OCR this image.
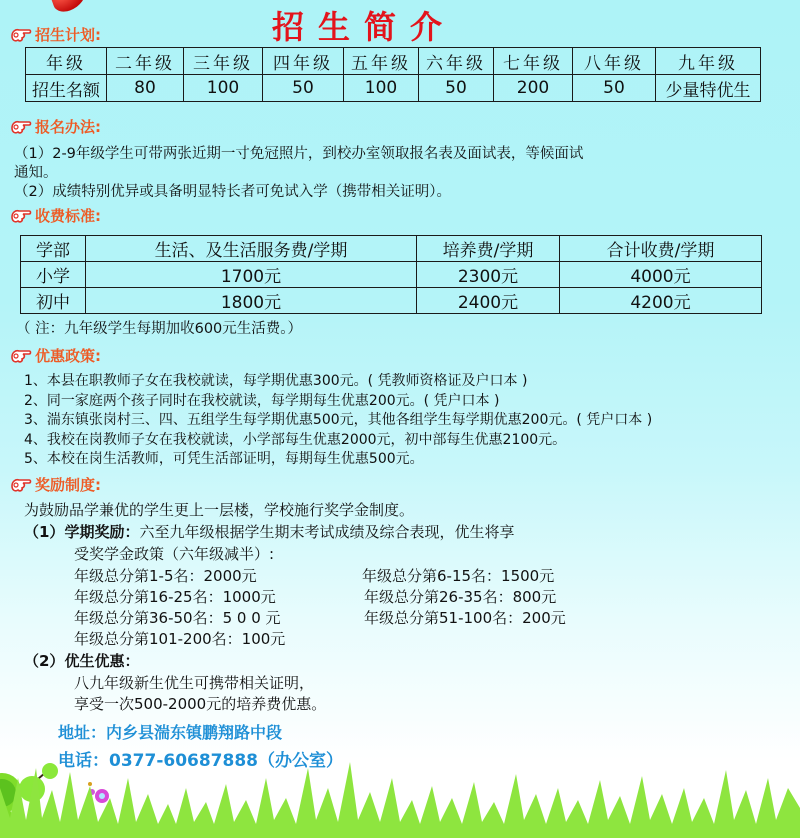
招生简介
招生计划:
年级	二年级	三年级	四年级	五年级	六年级	七年级	八年级	九年级
招生名额	80	100	50	100	50	200	50	少量特优生
报名办法:
（1）2-9年级学生可带两张近期一寸免冠照片，到校办室领取报名表及面试表，等候面试
通知。
（2）成绩特别优异或具备明显特长者可免试入学（携带相关证明）。
收费标准:
学部	生活、及生活服务费/学期	培养费/学期	合计收费/学期
小学	1700元	2300元	4000元
初中	1800元	2400元	4200元
（ 注：九年级学生每期加收600元生活费。）
优惠政策:
1、本县在职教师子女在我校就读，每学期优惠300元。( 凭教师资格证及户口本 )
2、同一家庭两个孩子同时在我校就读，每学期每生优惠200元。( 凭户口本 )
3、湍东镇张岗村三、四、五组学生每学期优惠500元，其他各组学生每学期优惠200元。( 凭户口本 )
4、我校在岗教师子女在我校就读，小学部每生优惠2000元，初中部每生优惠2100元。
5、本校在岗生活教师，可凭生活部证明，每期每生优惠500元。
奖励制度:
为鼓励品学兼优的学生更上一层楼，学校施行奖学金制度。
（1）学期奖励：六至九年级根据学生期末考试成绩及综合表现，优生将享
受奖学金政策（六年级减半）:
年级总分第1-5名：2000元	年级总分第6-15名：1500元
年级总分第16-25名：1000元	年级总分第26-35名：800元
年级总分第36-50名：5 0 0 元	年级总分第51-100名：200元
年级总分第101-200名：100元
（2）优生优惠：
八九年级新生优生可携带相关证明，
享受一次500-2000元的培养费优惠。
地址：内乡县湍东镇鹏翔路中段
电话：0377-60687888（办公室）
